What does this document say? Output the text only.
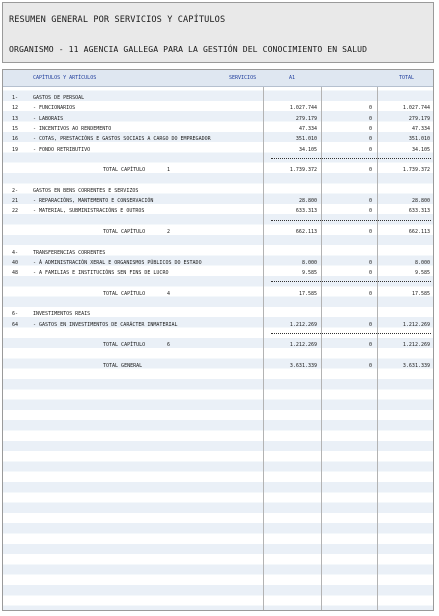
RESUMEN GENERAL POR SERVICIOS Y CAPÍTULOS
ORGANISMO - 11 AGENCIA GALLEGA PARA LA GESTIÓN DEL CONOCIMIENTO EN SALUD
CAPÍTULOS Y ARTÍCULOS	SERVICIOS	A1	TOTAL
1-	GASTOS DE PERSOAL
12	- FUNCIONARIOS	1.027.744	0	1.027.744
13	- LABORAIS	279.179	0	279.179
15	- INCENTIVOS AO RENDEMENTO	47.334	0	47.334
16	- COTAS, PRESTACIÓNS E GASTOS SOCIAIS A CARGO DO EMPREGADOR	351.010	0	351.010
19	- FONDO RETRIBUTIVO	34.105	0	34.105
TOTAL CAPÍTULO	1	1.739.372	0	1.739.372
2-	GASTOS EN BENS CORRENTES E SERVIZOS
21	- REPARACIÓNS, MANTEMENTO E CONSERVACIÓN	28.800	0	28.800
22	- MATERIAL, SUBMINISTRACIÓNS E OUTROS	633.313	0	633.313
TOTAL CAPÍTULO	2	662.113	0	662.113
4-	TRANSFERENCIAS CORRENTES
40	- Á ADMINISTRACIÓN XERAL E ORGANISMOS PÚBLICOS DO ESTADO	8.000	0	8.000
48	- A FAMILIAS E INSTITUCIÓNS SEN FINS DE LUCRO	9.585	0	9.585
TOTAL CAPÍTULO	4	17.585	0	17.585
6-	INVESTIMENTOS REAIS
64	- GASTOS EN INVESTIMENTOS DE CARÁCTER INMATERIAL	1.212.269	0	1.212.269
TOTAL CAPÍTULO	6	1.212.269	0	1.212.269
TOTAL GENERAL	3.631.339	0	3.631.339
